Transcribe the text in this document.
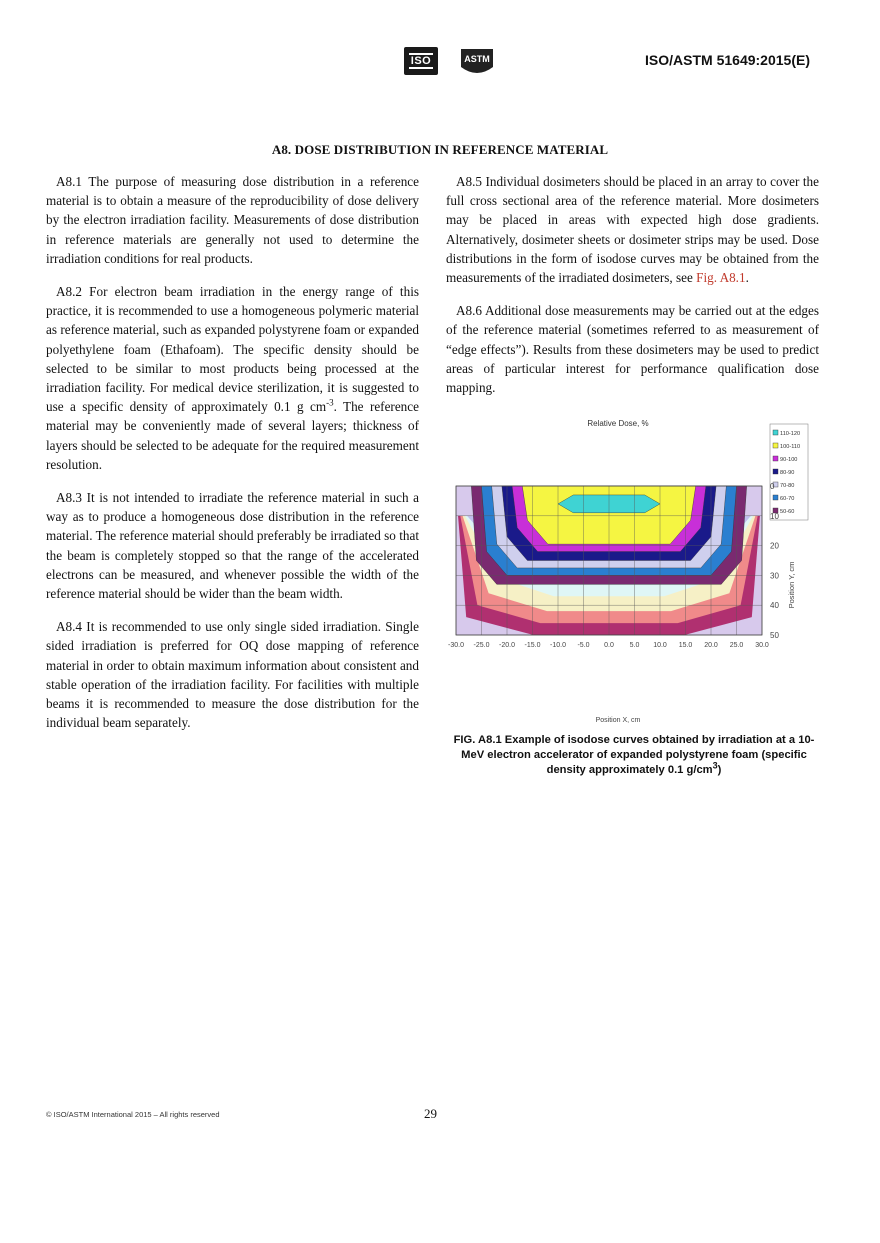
ISO	ASTM	ISO/ASTM 51649:2015(E)
A8. DOSE DISTRIBUTION IN REFERENCE MATERIAL

A8.1 The purpose of measuring dose distribution in a reference material is to obtain a measure of the reproducibility of dose delivery by the electron irradiation facility. Measurements of dose distribution in reference materials are generally not used to determine the irradiation conditions for real products.

A8.2 For electron beam irradiation in the energy range of this practice, it is recommended to use a homogeneous polymeric material as reference material, such as expanded polystyrene foam or expanded polyethylene foam (Ethafoam). The specific density should be selected to be similar to most products being processed at the irradiation facility. For medical device sterilization, it is suggested to use a specific density of approximately 0.1 g $cm^{-3}$. The reference material may be conveniently made of several layers; thickness of layers should be selected to be adequate for the required measurement resolution.

A8.3 It is not intended to irradiate the reference material in such a way as to produce a homogeneous dose distribution in the reference material. The reference material should preferably be irradiated so that the beam is completely stopped so that the range of the accelerated electrons can be measured, and whenever possible the width of the reference material should be wider than the beam width.

A8.4 It is recommended to use only single sided irradiation. Single sided irradiation is preferred for OQ dose mapping of reference material in order to obtain maximum information about consistent and stable operation of the irradiation facility. For facilities with multiple beams it is recommended to measure the dose distribution for the individual beam separately.

A8.5 Individual dosimeters should be placed in an array to cover the full cross sectional area of the reference material. More dosimeters may be placed in areas with expected high dose gradients. Alternatively, dosimeter sheets or dosimeter strips may be used. Dose distributions in the form of isodose curves may be obtained from the measurements of the irradiated dosimeters, see Fig. A8.1.

A8.6 Additional dose measurements may be carried out at the edges of the reference material (sometimes referred to as measurement of “edge effects”). Results from these dosimeters may be used to predict areas of particular interest for performance qualification dose mapping.

Relative Dose, %
110-120
100-110
90-100
80-90
70-80
60-70
50-60
-30.0 -25.0 -20.0 -15.0 -10.0 -5.0 0.0 5.0 10.0 15.0 20.0 25.0 30.0
0
10
20
30
40
50
Position X, cm
Position Y, cm
FIG. A8.1 Example of isodose curves obtained by irradiation at a 10-MeV electron accelerator of expanded polystyrene foam (specific density approximately 0.1 $g/cm^3$)
© ISO/ASTM International 2015 – All rights reserved	29
